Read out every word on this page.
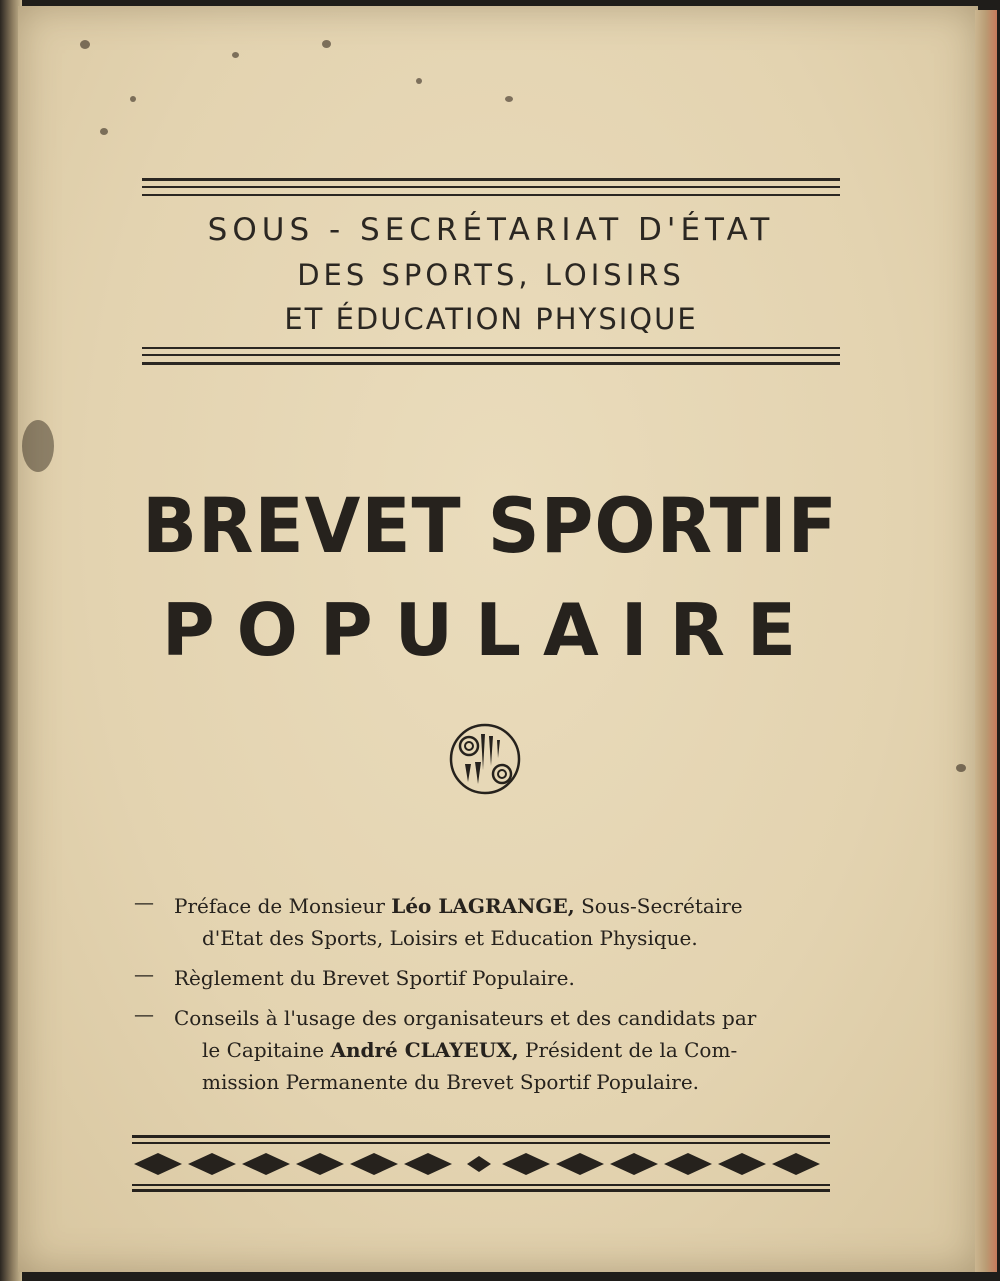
SOUS - SECRÉTARIAT D'ÉTAT
DES SPORTS, LOISIRS
ET ÉDUCATION PHYSIQUE
BREVET SPORTIF
POPULAIRE
— Préface de Monsieur Léo LAGRANGE, Sous-Secrétaire
d'Etat des Sports, Loisirs et Education Physique.
— Règlement du Brevet Sportif Populaire.
— Conseils à l'usage des organisateurs et des candidats par
le Capitaine André CLAYEUX, Président de la Com-
mission Permanente du Brevet Sportif Populaire.
